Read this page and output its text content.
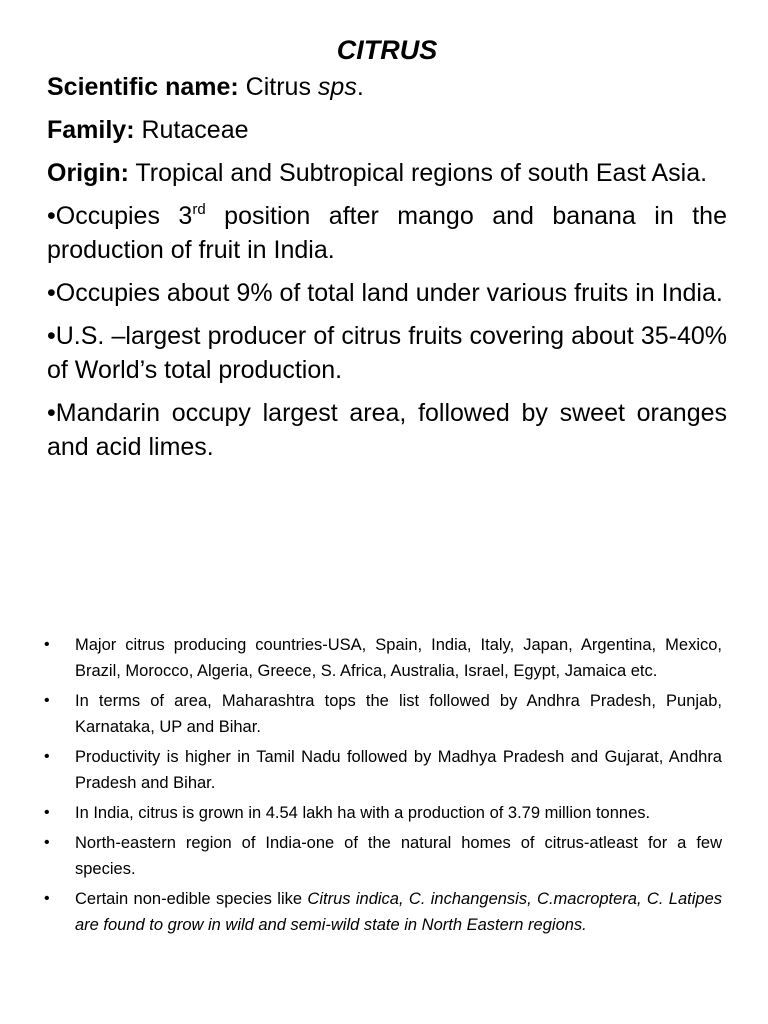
CITRUS
Scientific name: Citrus sps.
Family: Rutaceae
Origin: Tropical and Subtropical regions of south East Asia.
•Occupies 3rd position after mango and banana in the production of fruit in India.
•Occupies about 9% of total land under various fruits in India.
•U.S. –largest producer of citrus fruits covering about 35-40% of World’s total production.
•Mandarin occupy largest area, followed by sweet oranges and acid limes.
•	Major citrus producing countries-USA, Spain, India, Italy, Japan, Argentina, Mexico, Brazil, Morocco, Algeria, Greece, S. Africa, Australia, Israel, Egypt, Jamaica etc.
•	In terms of area, Maharashtra tops the list followed by Andhra Pradesh, Punjab, Karnataka, UP and Bihar.
•	Productivity is higher in Tamil Nadu followed by Madhya Pradesh and Gujarat, Andhra Pradesh and Bihar.
•	In India, citrus is grown in 4.54 lakh ha with a production of 3.79 million tonnes.
•	North-eastern region of India-one of the natural homes of citrus-atleast for a few species.
•	Certain non-edible species like Citrus indica, C. inchangensis, C.macroptera, C. Latipes are found to grow in wild and semi-wild state in North Eastern regions.
